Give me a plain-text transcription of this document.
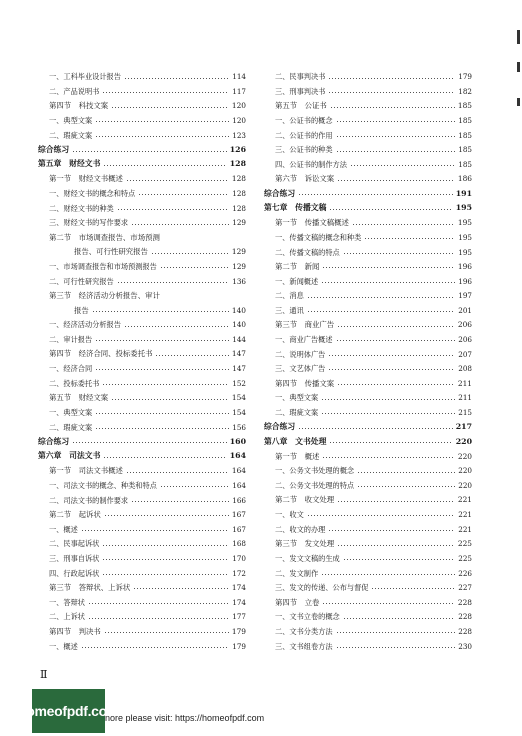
一、工科毕业设计报告	114
二、产品说明书	117
第四节　科技文案	120
一、典型文案	120
二、瑕疵文案	123
综合练习	126
第五章　财经文书	128
第一节　财经文书概述	128
一、财经文书的概念和特点	128
二、财经文书的种类	128
三、财经文书的写作要求	129
第二节　市场调查报告、市场预测
报告、可行性研究报告	129
一、市场调查报告和市场预测报告	129
二、可行性研究报告	136
第三节　经济活动分析报告、审计
报告	140
一、经济活动分析报告	140
二、审计报告	144
第四节　经济合同、投标委托书	147
一、经济合同	147
二、投标委托书	152
第五节　财经文案	154
一、典型文案	154
二、瑕疵文案	156
综合练习	160
第六章　司法文书	164
第一节　司法文书概述	164
一、司法文书的概念、种类和特点	164
二、司法文书的制作要求	166
第二节　起诉状	167
一、概述	167
二、民事起诉状	168
三、刑事自诉状	170
四、行政起诉状	172
第三节　答辩状、上诉状	174
一、答辩状	174
二、上诉状	177
第四节　判决书	179
一、概述	179
二、民事判决书	179
三、刑事判决书	182
第五节　公证书	185
一、公证书的概念	185
二、公证书的作用	185
三、公证书的种类	185
四、公证书的制作方法	185
第六节　诉讼文案	186
综合练习	191
第七章　传播文稿	195
第一节　传播文稿概述	195
一、传播文稿的概念和种类	195
二、传播文稿的特点	195
第二节　新闻	196
一、新闻概述	196
二、消息	197
三、通讯	201
第三节　商业广告	206
一、商业广告概述	206
二、说明体广告	207
三、文艺体广告	208
第四节　传播文案	211
一、典型文案	211
二、瑕疵文案	215
综合练习	217
第八章　文书处理	220
第一节　概述	220
一、公务文书处理的概念	220
二、公务文书处理的特点	220
第二节　收文处理	221
一、收文	221
二、收文的办理	221
第三节　发文处理	225
一、发文文稿的生成	225
二、发文制作	226
三、发文的传递、公布与督促	227
第四节　立卷	228
一、文书立卷的概念	228
二、文书分类方法	228
三、文书组卷方法	230
Ⅱ
homeofpdf.com
nore please visit: https://homeofpdf.com
